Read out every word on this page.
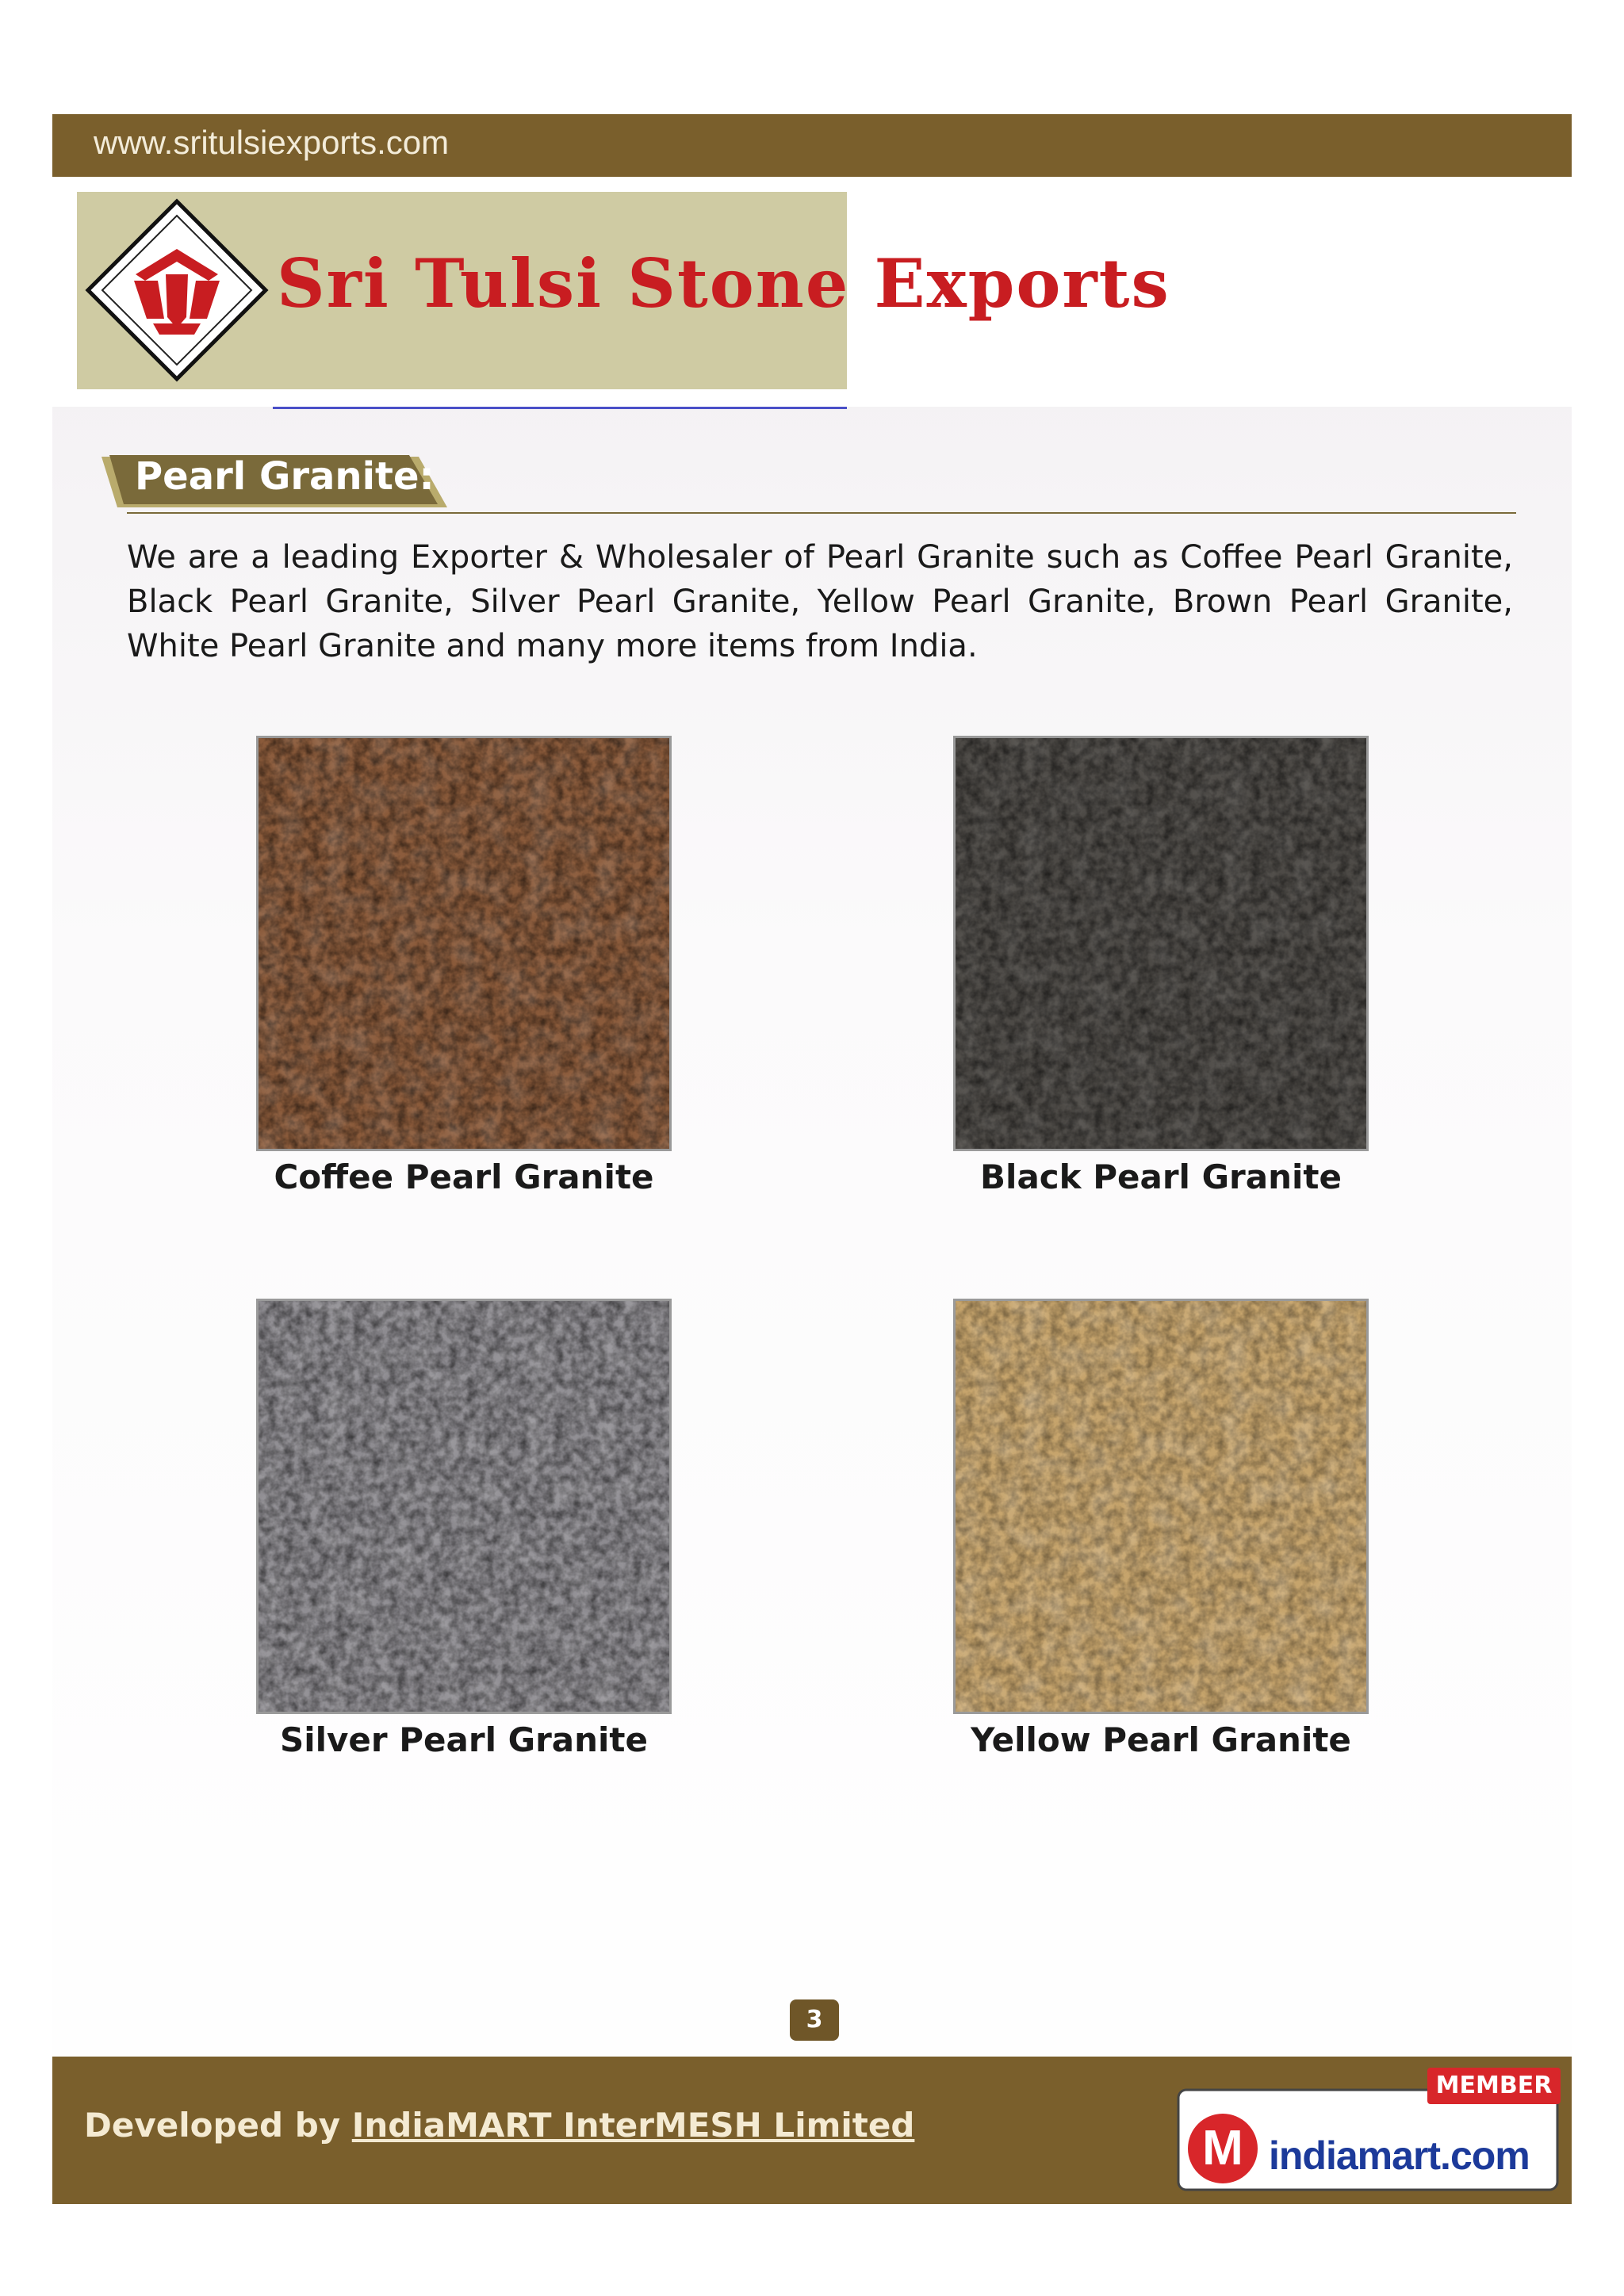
www.sritulsiexports.com
Sri Tulsi Stone Exports
Pearl Granite:
We are a leading Exporter & Wholesaler of Pearl Granite such as Coffee Pearl Granite, Black Pearl Granite, Silver Pearl Granite, Yellow Pearl Granite, Brown Pearl Granite, White Pearl Granite and many more items from India.
Coffee Pearl Granite	Black Pearl Granite
Silver Pearl Granite	Yellow Pearl Granite
3
Developed by IndiaMART InterMESH Limited	M
MEMBER
indiamart.com
